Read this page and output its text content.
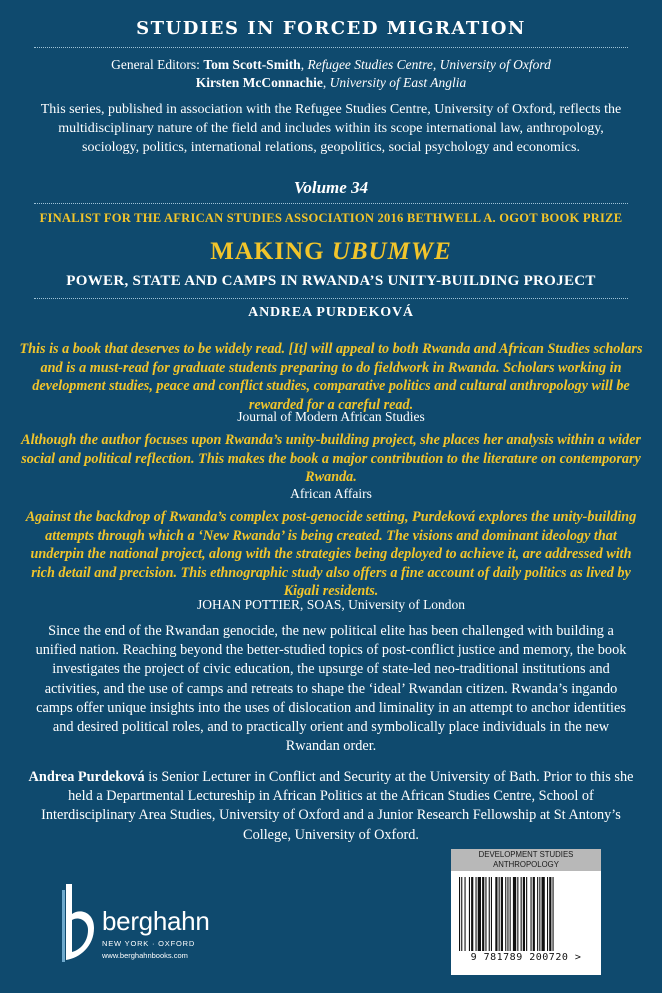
STUDIES IN FORCED MIGRATION
General Editors: Tom Scott-Smith, Refugee Studies Centre, University of Oxford
Kirsten McConnachie, University of East Anglia
This series, published in association with the Refugee Studies Centre, University of Oxford, reflects the multidisciplinary nature of the field and includes within its scope international law, anthropology, sociology, politics, international relations, geopolitics, social psychology and economics.
Volume 34
FINALIST FOR THE AFRICAN STUDIES ASSOCIATION 2016 BETHWELL A. OGOT BOOK PRIZE
MAKING UBUMWE
POWER, STATE AND CAMPS IN RWANDA’S UNITY-BUILDING PROJECT
ANDREA PURDEKOVÁ
This is a book that deserves to be widely read. [It] will appeal to both Rwanda and African Studies scholars and is a must-read for graduate students preparing to do fieldwork in Rwanda. Scholars working in development studies, peace and conflict studies, comparative politics and cultural anthropology will be rewarded for a careful read.
Journal of Modern African Studies
Although the author focuses upon Rwanda’s unity-building project, she places her analysis within a wider social and political reflection. This makes the book a major contribution to the literature on contemporary Rwanda.
African Affairs
Against the backdrop of Rwanda’s complex post-genocide setting, Purdeková explores the unity-building attempts through which a ‘New Rwanda’ is being created. The visions and dominant ideology that underpin the national project, along with the strategies being deployed to achieve it, are addressed with rich detail and precision. This ethnographic study also offers a fine account of daily politics as lived by Kigali residents.
JOHAN POTTIER, SOAS, University of London
Since the end of the Rwandan genocide, the new political elite has been challenged with building a unified nation. Reaching beyond the better-studied topics of post-conflict justice and memory, the book investigates the project of civic education, the upsurge of state-led neo-traditional institutions and activities, and the use of camps and retreats to shape the ‘ideal’ Rwandan citizen. Rwanda’s ingando camps offer unique insights into the uses of dislocation and liminality in an attempt to anchor identities and desired political roles, and to practically orient and symbolically place individuals in the new Rwandan order.
Andrea Purdeková is Senior Lecturer in Conflict and Security at the University of Bath. Prior to this she held a Departmental Lectureship in African Politics at the African Studies Centre, School of Interdisciplinary Area Studies, University of Oxford and a Junior Research Fellowship at St Antony’s College, University of Oxford.
berghahn
NEW YORK · OXFORD
www.berghahnbooks.com
DEVELOPMENT STUDIES
ANTHROPOLOGY
9 781789 200720 >
